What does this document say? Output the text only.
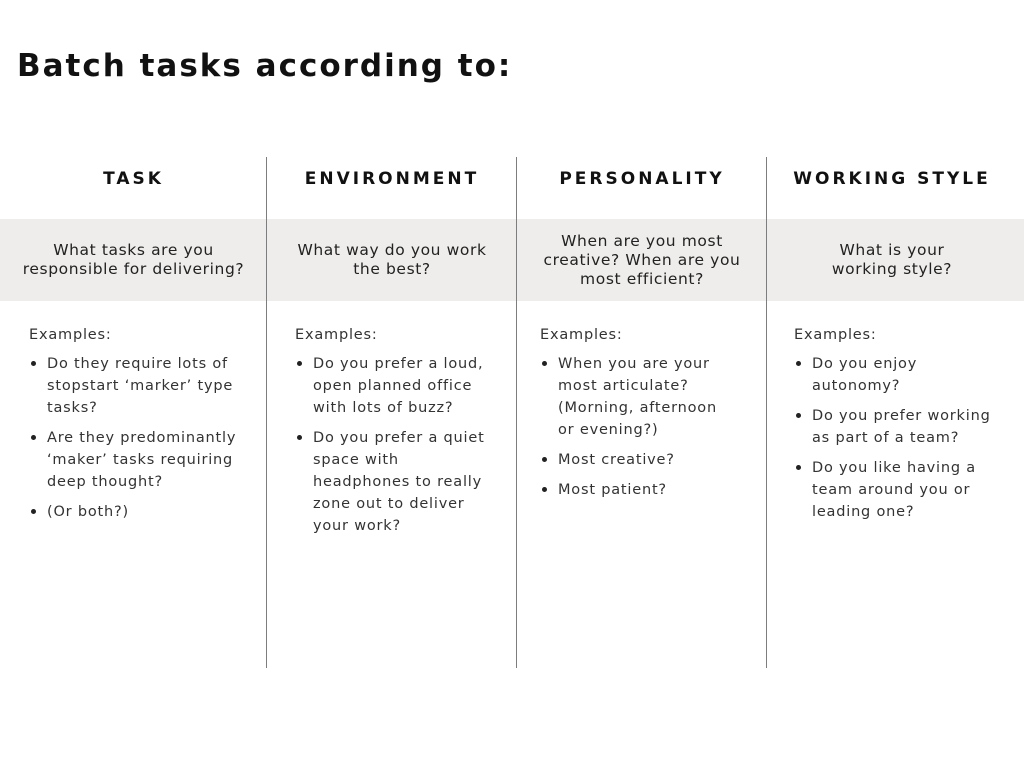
Batch tasks according to:
TASK
What tasks are you
responsible for delivering?
Examples:
Do they require lots of stopstart ‘marker’ type tasks?
Are they predominantly ‘maker’ tasks requiring deep thought?
(Or both?)
ENVIRONMENT
What way do you work
the best?
Examples:
Do you prefer a loud, open planned office with lots of buzz?
Do you prefer a quiet space with headphones to really zone out to deliver your work?
PERSONALITY
When are you most
creative? When are you
most efficient?
Examples:
When you are your most articulate? (Morning, afternoon or evening?)
Most creative?
Most patient?
WORKING STYLE
What is your
working style?
Examples:
Do you enjoy autonomy?
Do you prefer working as part of a team?
Do you like having a team around you or leading one?
